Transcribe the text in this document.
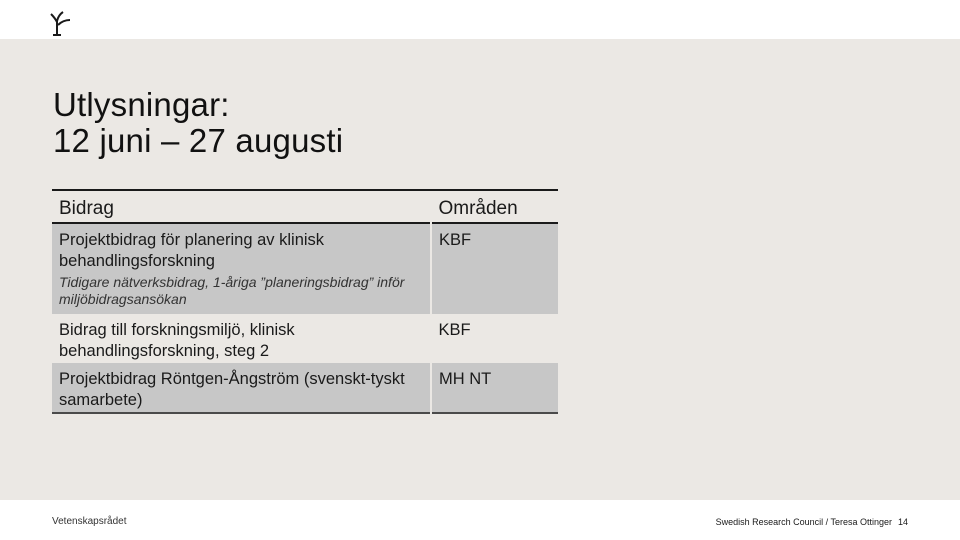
Utlysningar:
12 juni – 27 augusti
Bidrag	Områden

Projektbidrag för planering av klinisk behandlingsforskning
Tidigare nätverksbidrag, 1-åriga ”planeringsbidrag” inför miljöbidragsansökan	KBF

Bidrag till forskningsmiljö, klinisk behandlingsforskning, steg 2	KBF

Projektbidrag Röntgen-Ångström (svenskt-tyskt samarbete)	MH NT
Vetenskapsrådet	Swedish Research Council / Teresa Ottinger 14
